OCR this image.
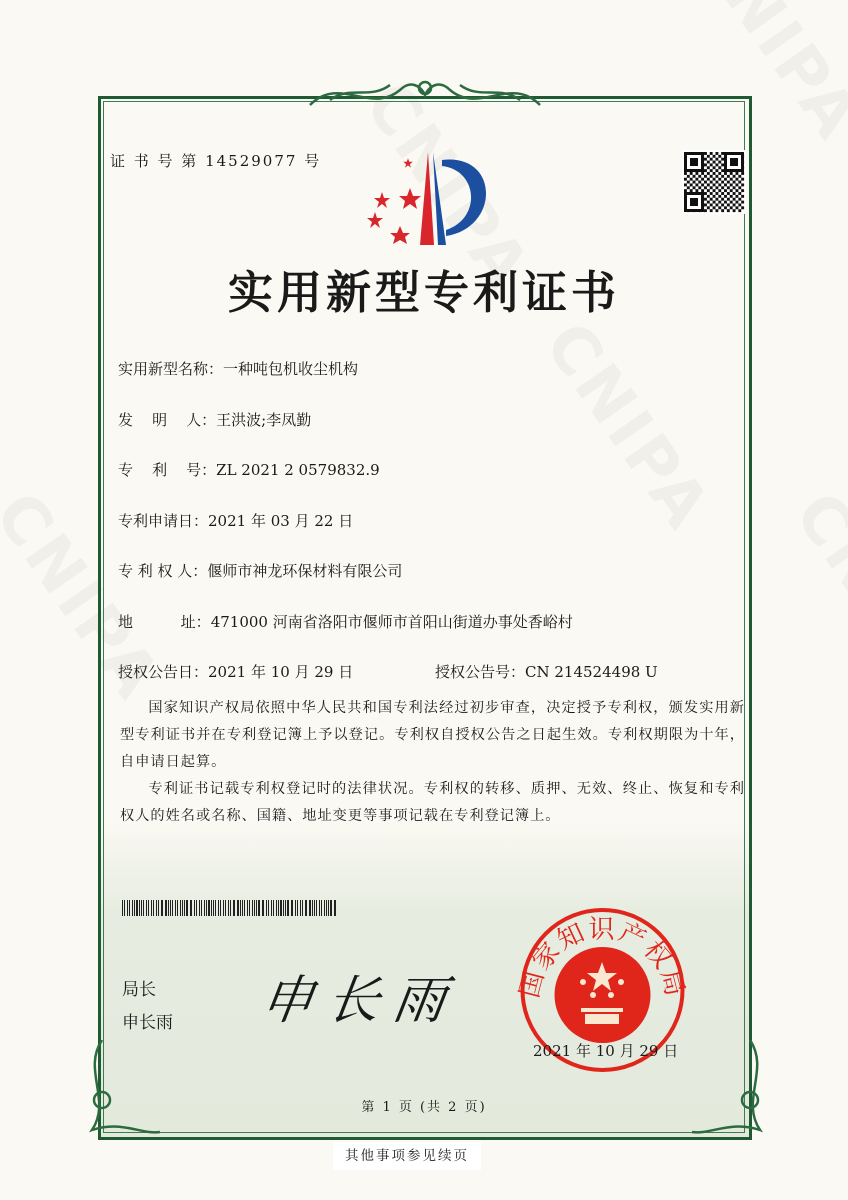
证 书 号 第 14529077 号
实用新型专利证书
实用新型名称：一种吨包机收尘机构
发    明    人：王洪波;李凤勤
专    利    号：ZL 2021 2 0579832.9
专利申请日：2021 年 03 月 22 日
专 利 权 人：偃师市神龙环保材料有限公司
地          址：471000 河南省洛阳市偃师市首阳山街道办事处香峪村
授权公告日：2021 年 10 月 29 日	授权公告号：CN 214524498 U
国家知识产权局依照中华人民共和国专利法经过初步审查，决定授予专利权，颁发实用新型专利证书并在专利登记簿上予以登记。专利权自授权公告之日起生效。专利权期限为十年，自申请日起算。
专利证书记载专利权登记时的法律状况。专利权的转移、质押、无效、终止、恢复和专利权人的姓名或名称、国籍、地址变更等事项记载在专利登记簿上。
局长
申长雨 申长雨 国家知识产权局
2021 年 10 月 29 日
第 1 页 (共 2 页)
其他事项参见续页
